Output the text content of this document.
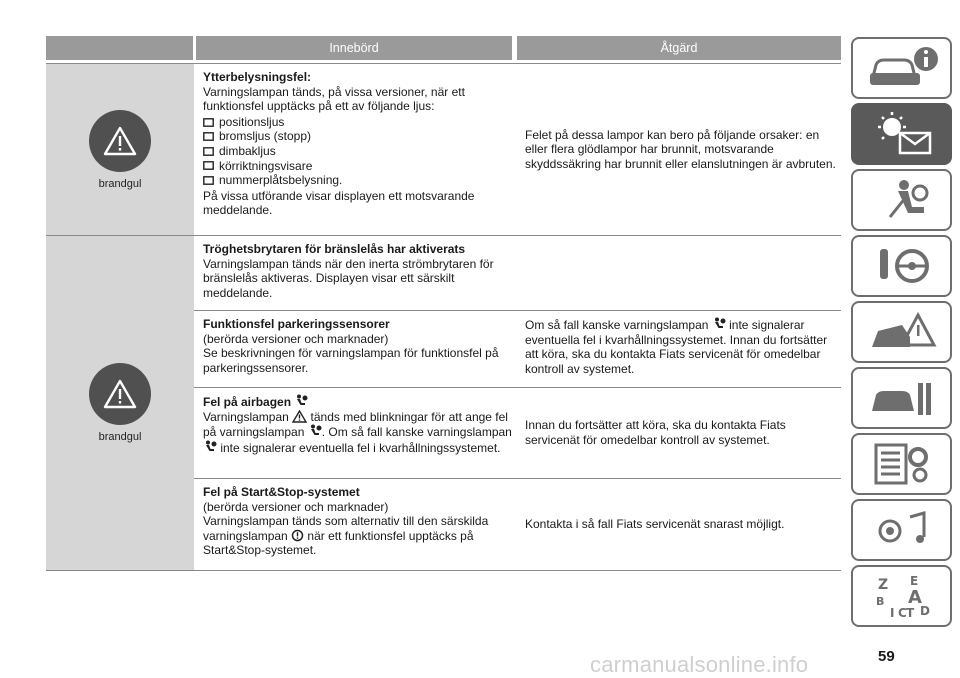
Innebörd	Åtgärd
brandgul
Ytterbelysningsfel:
Varningslampan tänds, på vissa versioner, när ett funktionsfel upptäcks på ett av följande ljus:
positionsljus
bromsljus (stopp)
dimbakljus
körriktningsvisare
nummerplåtsbelysning.
På vissa utförande visar displayen ett motsvarande meddelande.
Felet på dessa lampor kan bero på följande orsaker: en eller flera glödlampor har brunnit, motsvarande skyddssäkring har brunnit eller elanslutningen är avbruten.
brandgul
Tröghetsbrytaren för bränslelås har aktiverats
Varningslampan tänds när den inerta strömbrytaren för bränslelås aktiveras. Displayen visar ett särskilt meddelande.
Funktionsfel parkeringssensorer
(berörda versioner och marknader)
Se beskrivningen för varningslampan för funktionsfel på parkeringssensorer.
Om så fall kanske varningslampan inte signalerar eventuella fel i kvarhållningssystemet. Innan du fortsätter att köra, ska du kontakta Fiats servicenät för omedelbar kontroll av systemet.
Fel på airbagen
Varningslampan tänds med blinkningar för att ange fel på varningslampan . Om så fall kanske varningslampan  inte signalerar eventuella fel i kvarhållningssystemet.
Innan du fortsätter att köra, ska du kontakta Fiats servicenät för omedelbar kontroll av systemet.
Fel på Start&Stop-systemet
(berörda versioner och marknader)
Varningslampan tänds som alternativ till den särskilda varningslampan när ett funktionsfel upptäcks på Start&Stop-systemet.
Kontakta i så fall Fiats servicenät snarast möjligt.
Z E
B A
I C T D
59
carmanualsonline.info
